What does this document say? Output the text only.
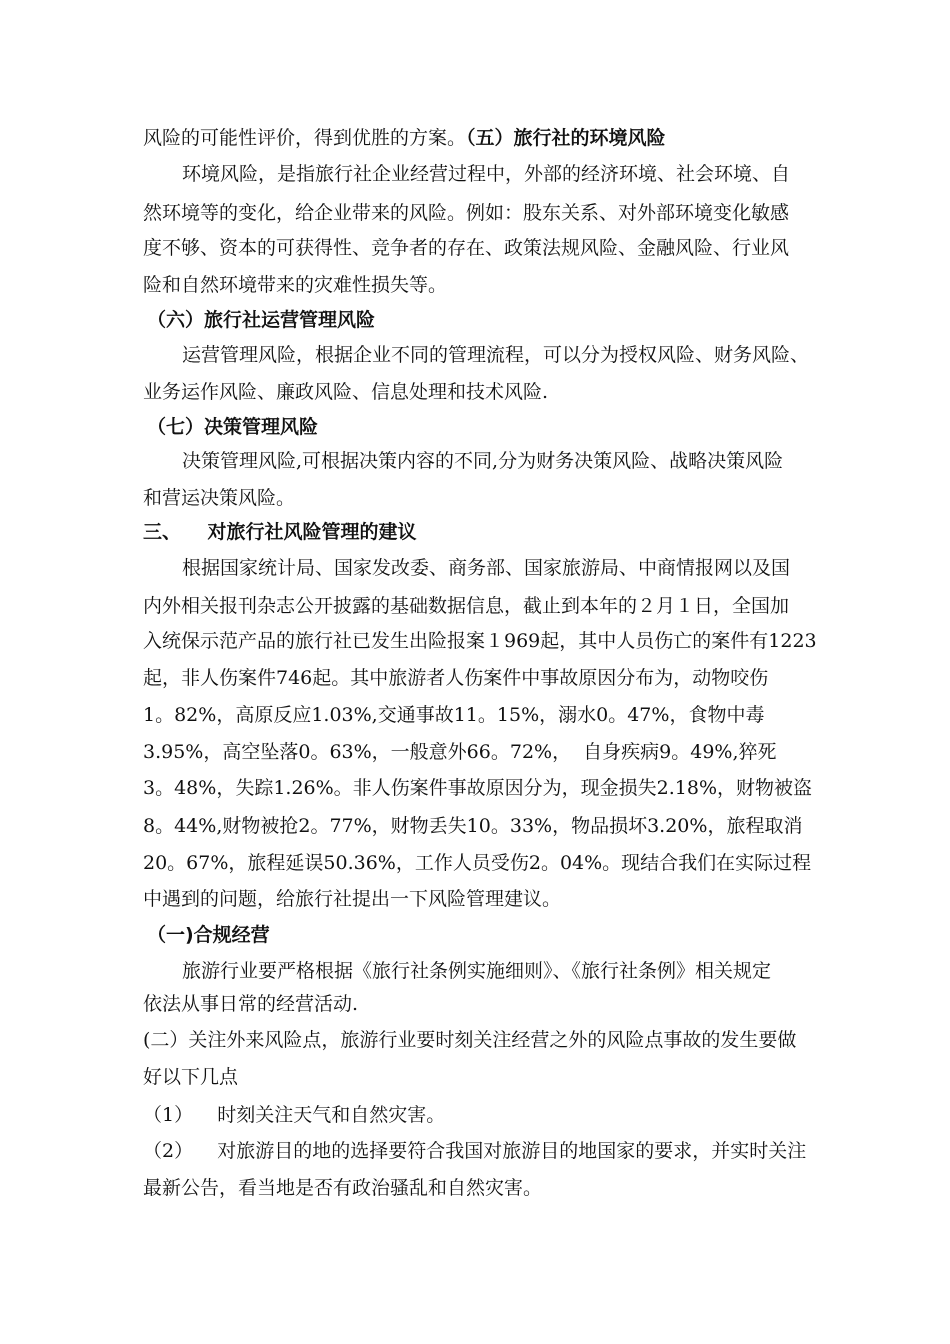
风险的可能性评价，得到优胜的方案。（五）旅行社的环境风险
环境风险，是指旅行社企业经营过程中，外部的经济环境、社会环境、自
然环境等的变化，给企业带来的风险。例如：股东关系、对外部环境变化敏感
度不够、资本的可获得性、竞争者的存在、政策法规风险、金融风险、行业风
险和自然环境带来的灾难性损失等。
（六）旅行社运营管理风险
运营管理风险，根据企业不同的管理流程，可以分为授权风险、财务风险、
业务运作风险、廉政风险、信息处理和技术风险.
（七）决策管理风险
决策管理风险,可根据决策内容的不同,分为财务决策风险、战略决策风险
和营运决策风险。
三、    对旅行社风险管理的建议
根据国家统计局、国家发改委、商务部、国家旅游局、中商情报网以及国
内外相关报刊杂志公开披露的基础数据信息，截止到本年的２月１日，全国加
入统保示范产品的旅行社已发生出险报案１969起，其中人员伤亡的案件有1223
起，非人伤案件746起。其中旅游者人伤案件中事故原因分布为，动物咬伤
1。82%，高原反应1.03%,交通事故11。15%，溺水0。47%，食物中毒
3.95%，高空坠落0。63%，一般意外66。72%，  自身疾病9。49%,猝死
3。48%，失踪1.26%。非人伤案件事故原因分为，现金损失2.18%，财物被盗
8。44%,财物被抢2。77%，财物丢失10。33%，物品损坏3.20%，旅程取消
20。67%，旅程延误50.36%，工作人员受伤2。04%。现结合我们在实际过程
中遇到的问题，给旅行社提出一下风险管理建议。
（一)合规经营
旅游行业要严格根据《旅行社条例实施细则》、《旅行社条例》相关规定
依法从事日常的经营活动.
(二）关注外来风险点，旅游行业要时刻关注经营之外的风险点事故的发生要做
好以下几点
（1）    时刻关注天气和自然灾害。
（2）    对旅游目的地的选择要符合我国对旅游目的地国家的要求，并实时关注
最新公告，看当地是否有政治骚乱和自然灾害。
